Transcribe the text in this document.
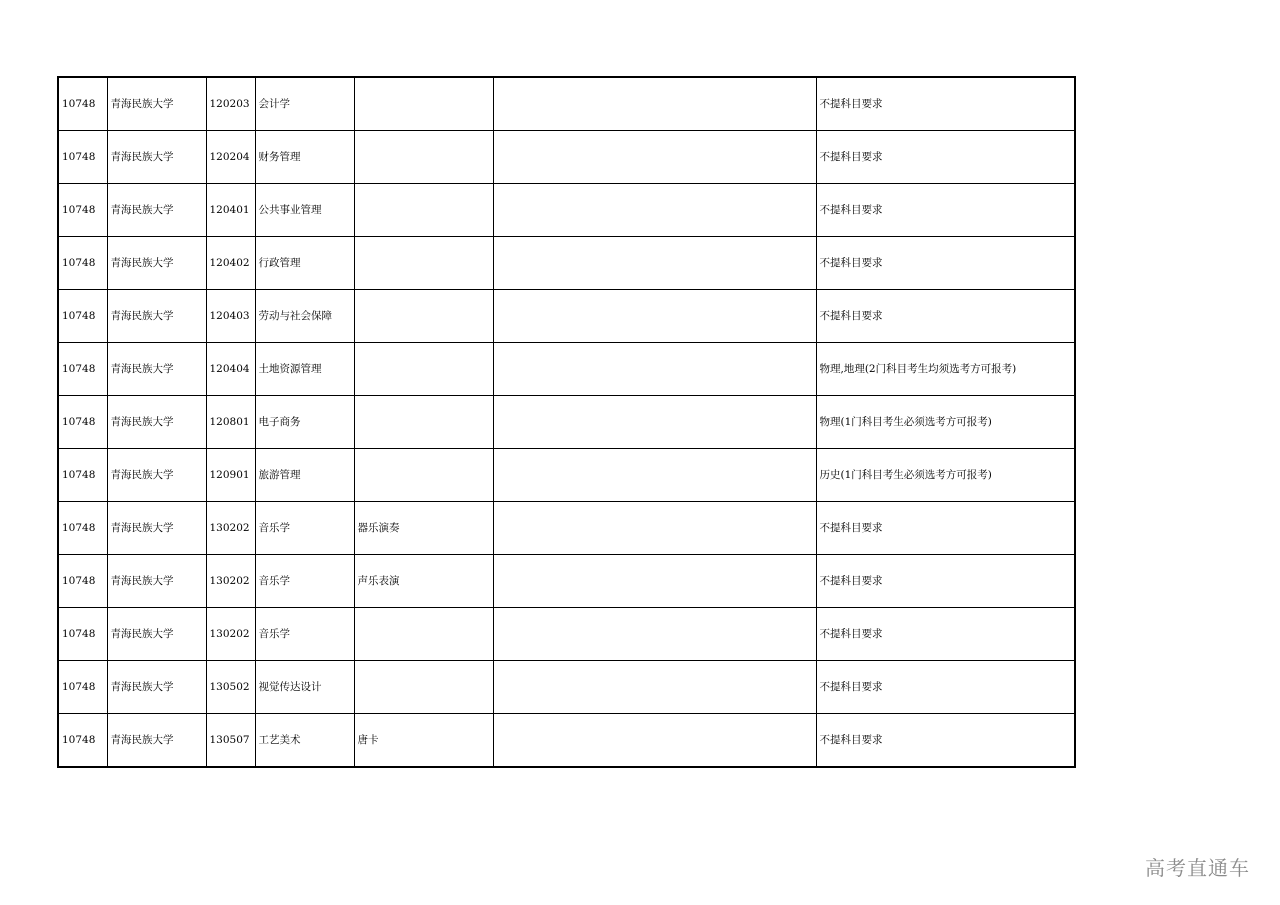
10748	青海民族大学	120203	会计学			不提科目要求
10748	青海民族大学	120204	财务管理			不提科目要求
10748	青海民族大学	120401	公共事业管理			不提科目要求
10748	青海民族大学	120402	行政管理			不提科目要求
10748	青海民族大学	120403	劳动与社会保障			不提科目要求
10748	青海民族大学	120404	土地资源管理			物理,地理(2门科目考生均须选考方可报考)
10748	青海民族大学	120801	电子商务			物理(1门科目考生必须选考方可报考)
10748	青海民族大学	120901	旅游管理			历史(1门科目考生必须选考方可报考)
10748	青海民族大学	130202	音乐学	器乐演奏		不提科目要求
10748	青海民族大学	130202	音乐学	声乐表演		不提科目要求
10748	青海民族大学	130202	音乐学			不提科目要求
10748	青海民族大学	130502	视觉传达设计			不提科目要求
10748	青海民族大学	130507	工艺美术	唐卡		不提科目要求
高考直通车
